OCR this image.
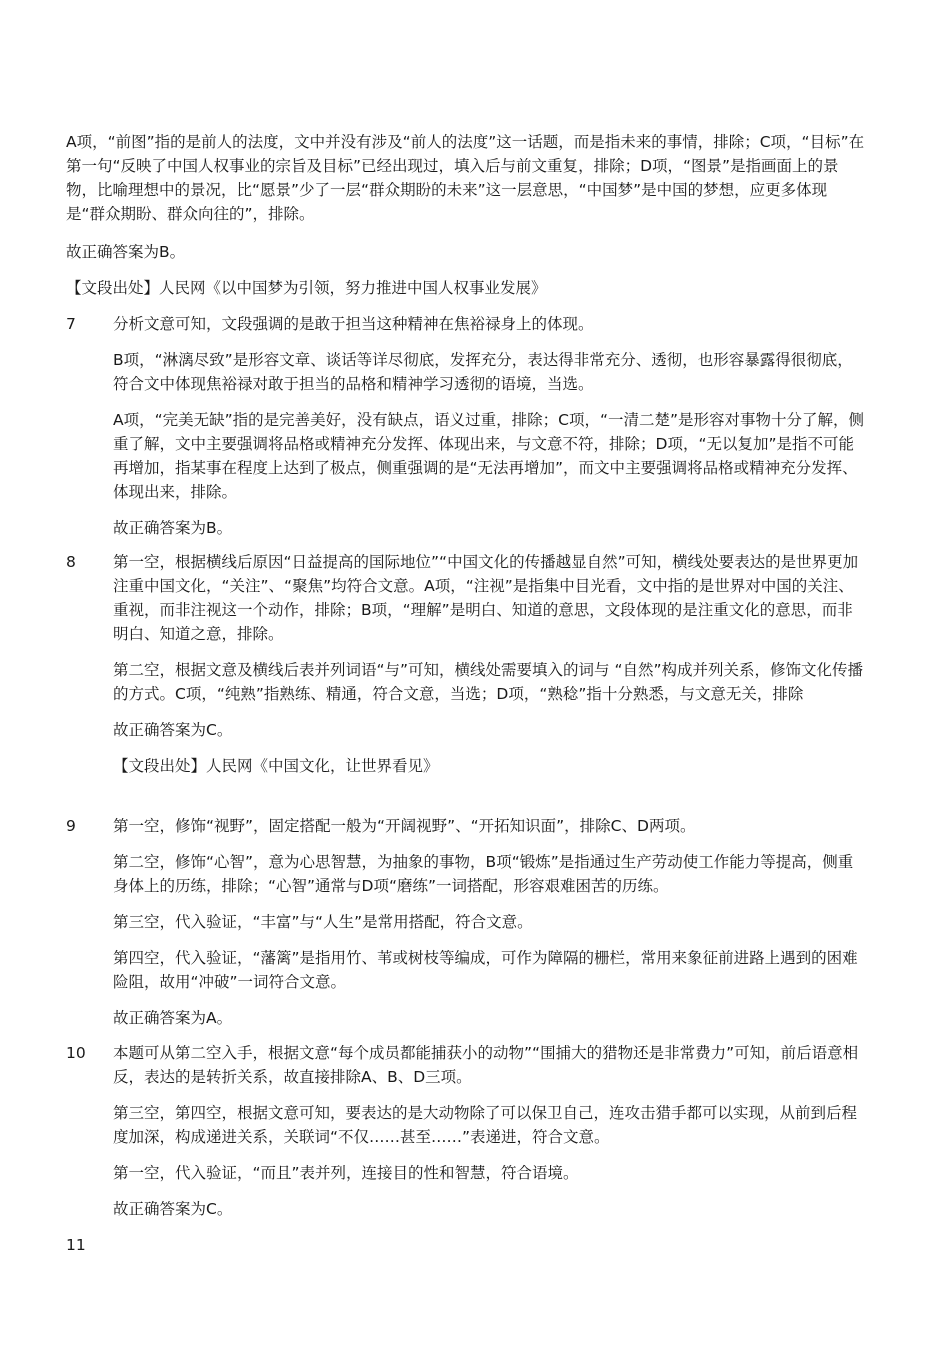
A项，“前图”指的是前人的法度，文中并没有涉及“前人的法度”这一话题，而是指未来的事情，排除；C项，“目标”在第一句“反映了中国人权事业的宗旨及目标”已经出现过，填入后与前文重复，排除；D项，“图景”是指画面上的景物，比喻理想中的景况，比“愿景”少了一层“群众期盼的未来”这一层意思，“中国梦”是中国的梦想，应更多体现是“群众期盼、群众向往的”，排除。

故正确答案为B。

【文段出处】人民网《以中国梦为引领，努力推进中国人权事业发展》

7	分析文意可知，文段强调的是敢于担当这种精神在焦裕禄身上的体现。

B项，“淋漓尽致”是形容文章、谈话等详尽彻底，发挥充分，表达得非常充分、透彻，也形容暴露得很彻底，符合文中体现焦裕禄对敢于担当的品格和精神学习透彻的语境，当选。

A项，“完美无缺”指的是完善美好，没有缺点，语义过重，排除；C项，“一清二楚”是形容对事物十分了解，侧重了解，文中主要强调将品格或精神充分发挥、体现出来，与文意不符，排除；D项，“无以复加”是指不可能再增加，指某事在程度上达到了极点，侧重强调的是“无法再增加”，而文中主要强调将品格或精神充分发挥、体现出来，排除。

故正确答案为B。

8	第一空，根据横线后原因“日益提高的国际地位”“中国文化的传播越显自然”可知，横线处要表达的是世界更加注重中国文化，“关注”、“聚焦”均符合文意。A项，“注视”是指集中目光看，文中指的是世界对中国的关注、重视，而非注视这一个动作，排除；B项，“理解”是明白、知道的意思，文段体现的是注重文化的意思，而非明白、知道之意，排除。

第二空，根据文意及横线后表并列词语“与”可知，横线处需要填入的词与 “自然”构成并列关系，修饰文化传播的方式。C项，“纯熟”指熟练、精通，符合文意，当选；D项，“熟稔”指十分熟悉，与文意无关，排除

故正确答案为C。

【文段出处】人民网《中国文化，让世界看见》

9	第一空，修饰“视野”，固定搭配一般为“开阔视野”、“开拓知识面”，排除C、D两项。

第二空，修饰“心智”，意为心思智慧，为抽象的事物，B项“锻炼”是指通过生产劳动使工作能力等提高，侧重身体上的历练，排除；“心智”通常与D项“磨练”一词搭配，形容艰难困苦的历练。

第三空，代入验证，“丰富”与“人生”是常用搭配，符合文意。

第四空，代入验证，“藩篱”是指用竹、苇或树枝等编成，可作为障隔的栅栏，常用来象征前进路上遇到的困难险阻，故用“冲破”一词符合文意。

故正确答案为A。

10	本题可从第二空入手，根据文意“每个成员都能捕获小的动物”“围捕大的猎物还是非常费力”可知，前后语意相反，表达的是转折关系，故直接排除A、B、D三项。

第三空，第四空，根据文意可知，要表达的是大动物除了可以保卫自己，连攻击猎手都可以实现，从前到后程度加深，构成递进关系，关联词“不仅……甚至……”表递进，符合文意。

第一空，代入验证，“而且”表并列，连接目的性和智慧，符合语境。

故正确答案为C。

11
